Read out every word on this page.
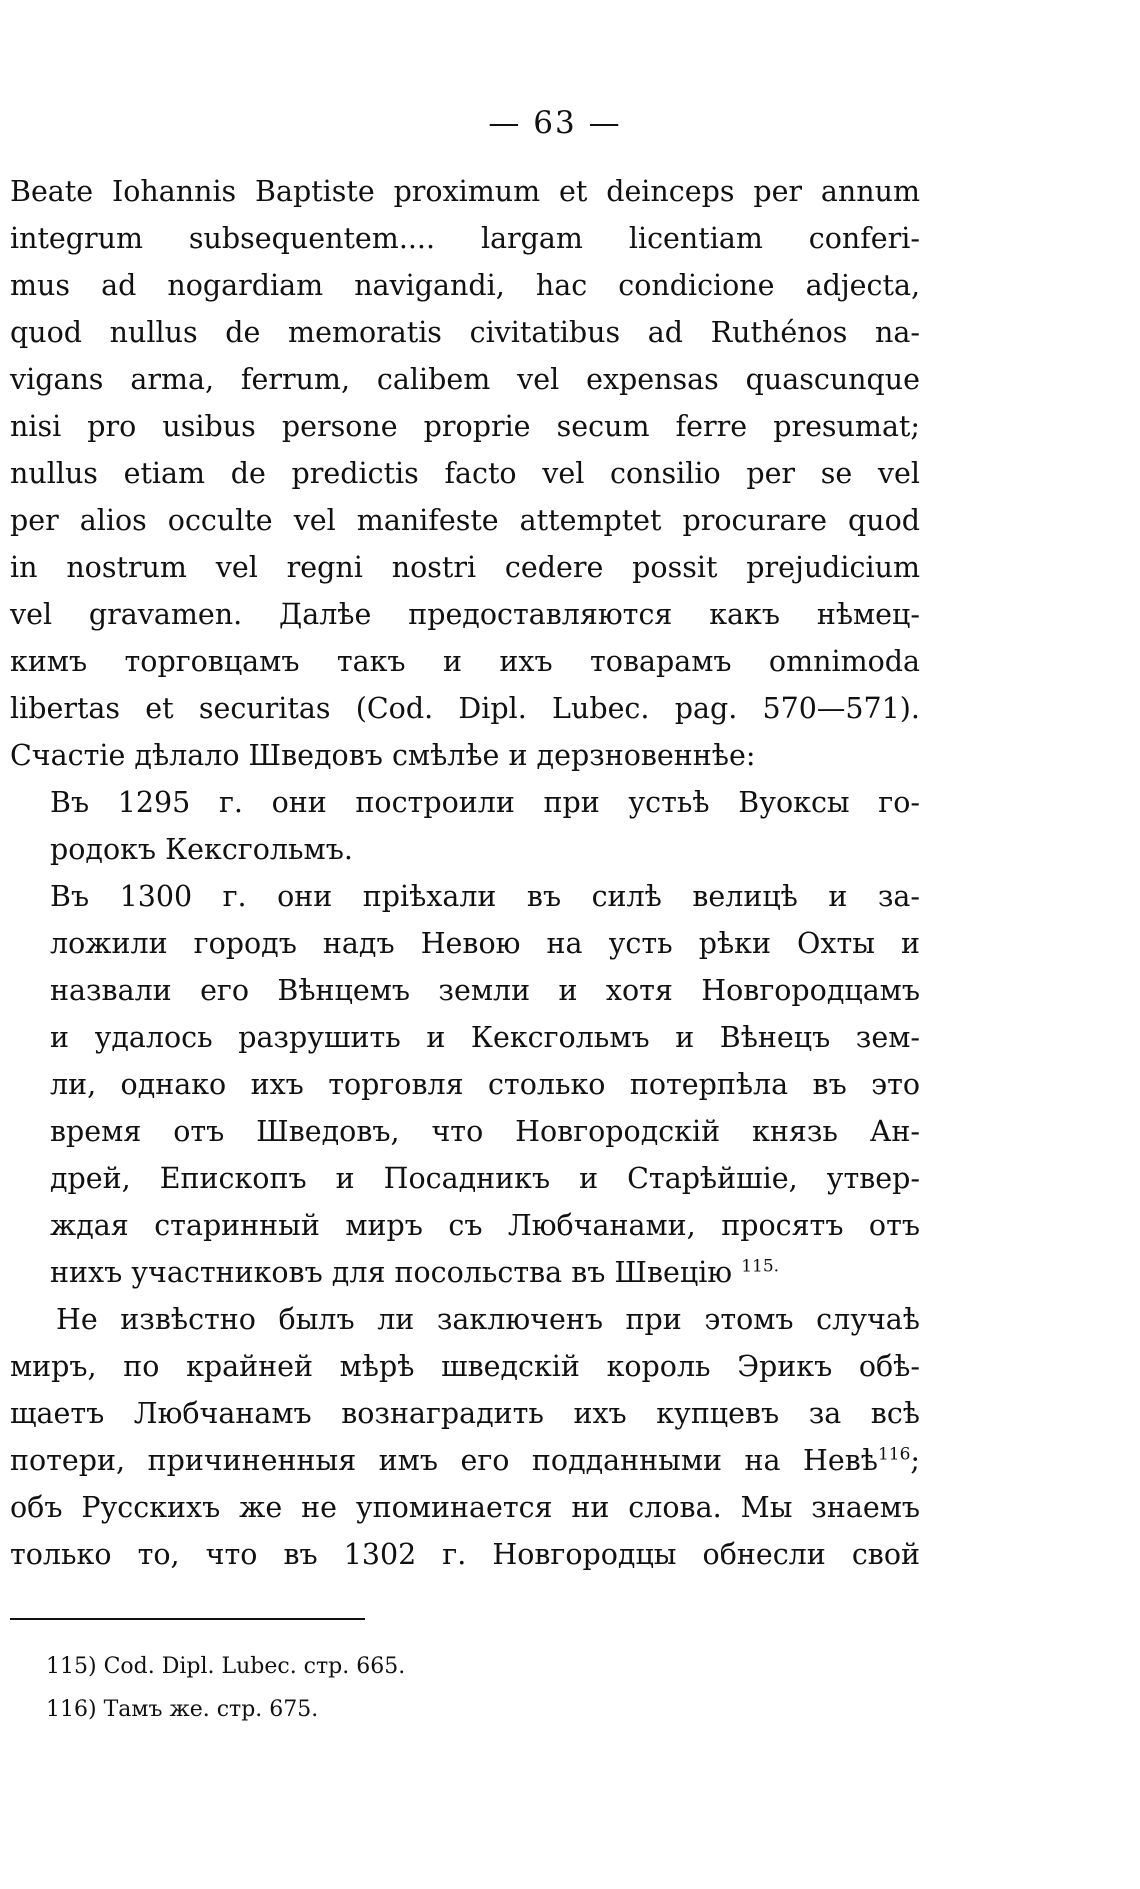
— 63 —
Beate Iohannis Baptiste proximum et deinceps per annum
integrum subsequentem.... largam licentiam conferi-
mus ad nogardiam navigandi, hac condicione adjecta,
quod nullus de memoratis civitatibus ad Ruthénos na-
vigans arma, ferrum, calibem vel expensas quascunque
nisi pro usibus persone proprie secum ferre presumat;
nullus etiam de predictis facto vel consilio per se vel
per alios occulte vel manifeste attemptet procurare quod
in nostrum vel regni nostri cedere possit prejudicium
vel gravamen. Далѣе предоставляются какъ нѣмец-
кимъ торговцамъ такъ и ихъ товарамъ omnimoda
libertas et securitas (Cod. Dipl. Lubec. pag. 570—571).
Счастіе дѣлало Шведовъ смѣлѣе и дерзновеннѣе:
Въ 1295 г. они построили при устьѣ Вуоксы го-
родокъ Кексгольмъ.
Въ 1300 г. они пріѣхали въ силѣ велицѣ и за-
ложили городъ надъ Невою на усть рѣки Охты и
назвали его Вѣнцемъ земли и хотя Новгородцамъ
и удалось разрушить и Кексгольмъ и Вѣнецъ зем-
ли, однако ихъ торговля столько потерпѣла въ это
время отъ Шведовъ, что Новгородскій князь Ан-
дрей, Епископъ и Посадникъ и Старѣйшіе, утвер-
ждая старинный миръ съ Любчанами, просятъ отъ
нихъ участниковъ для посольства въ Швецію $^{115.}$
Не извѣстно былъ ли заключенъ при этомъ случаѣ
миръ, по крайней мѣрѣ шведскій король Эрикъ обѣ-
щаетъ Любчанамъ вознаградить ихъ купцевъ за всѣ
потери, причиненныя имъ его подданными на Невѣ$^{116}$;
объ Русскихъ же не упоминается ни слова. Мы знаемъ
только то, что въ 1302 г. Новгородцы обнесли свой
115) Cod. Dipl. Lubec. стр. 665.
116) Тамъ же. стр. 675.
